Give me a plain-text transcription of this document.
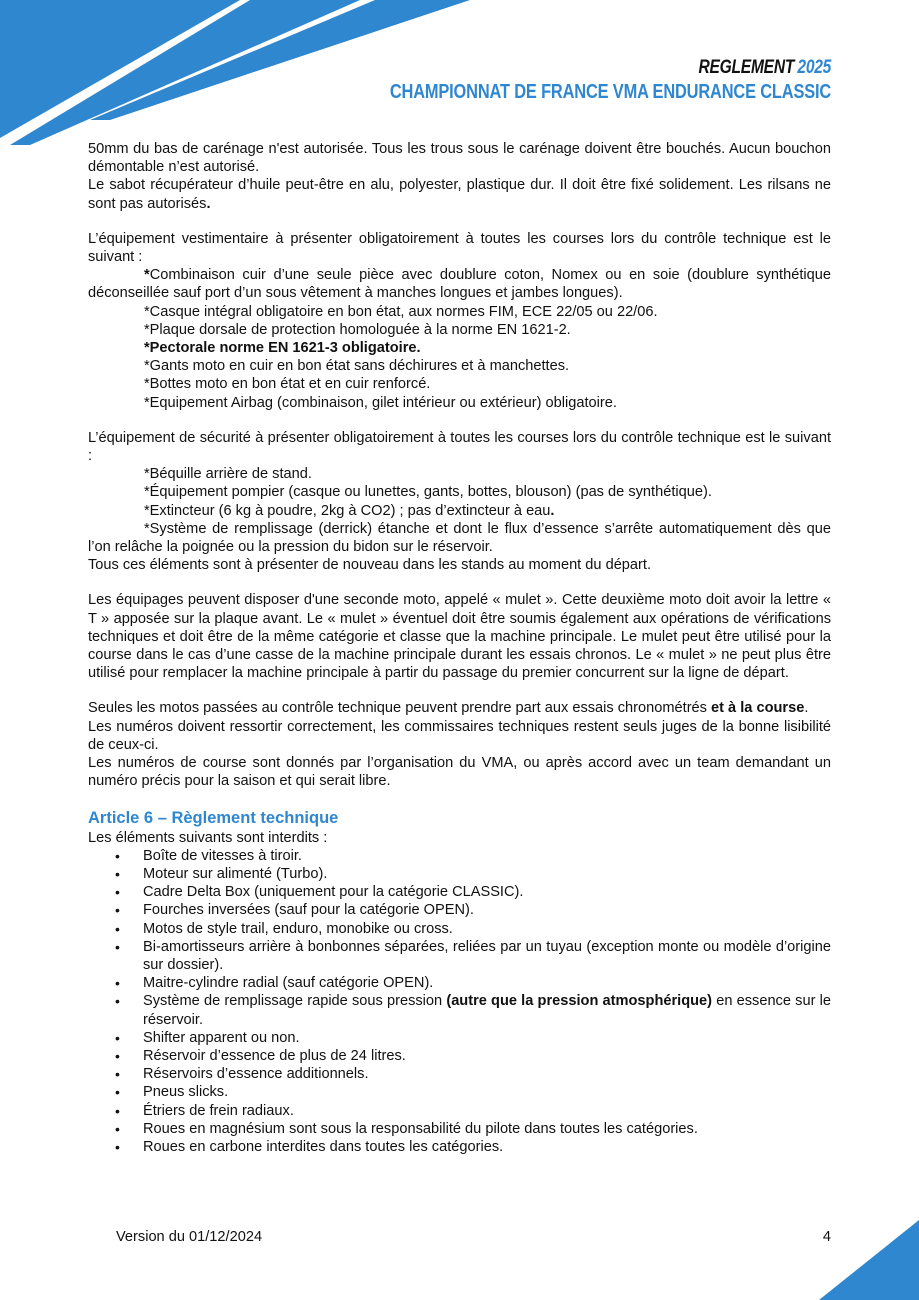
REGLEMENT 2025
CHAMPIONNAT DE FRANCE VMA ENDURANCE CLASSIC

50mm du bas de carénage n'est autorisée. Tous les trous sous le carénage doivent être bouchés. Aucun bouchon démontable n’est autorisé.

Le sabot récupérateur d’huile peut-être en alu, polyester, plastique dur. Il doit être fixé solidement. Les rilsans ne sont pas autorisés.

L’équipement vestimentaire à présenter obligatoirement à toutes les courses lors du contrôle technique est le suivant :

*Combinaison cuir d’une seule pièce avec doublure coton, Nomex ou en soie (doublure synthétique déconseillée sauf port d’un sous vêtement à manches longues et jambes longues).

*Casque intégral obligatoire en bon état, aux normes FIM, ECE 22/05 ou 22/06.

*Plaque dorsale de protection homologuée à la norme EN 1621-2.

*Pectorale norme EN 1621-3 obligatoire.

*Gants moto en cuir en bon état sans déchirures et à manchettes.

*Bottes moto en bon état et en cuir renforcé.

*Equipement Airbag (combinaison, gilet intérieur ou extérieur) obligatoire.

L’équipement de sécurité à présenter obligatoirement à toutes les courses lors du contrôle technique est le suivant :

*Béquille arrière de stand.

*Équipement pompier (casque ou lunettes, gants, bottes, blouson) (pas de synthétique).

*Extincteur (6 kg à poudre, 2kg à CO2) ; pas d’extincteur à eau.

*Système de remplissage (derrick) étanche et dont le flux d’essence s’arrête automatiquement dès que l’on relâche la poignée ou la pression du bidon sur le réservoir.

Tous ces éléments sont à présenter de nouveau dans les stands au moment du départ.

Les équipages peuvent disposer d'une seconde moto, appelé « mulet ». Cette deuxième moto doit avoir la lettre « T » apposée sur la plaque avant. Le « mulet » éventuel doit être soumis également aux opérations de vérifications techniques et doit être de la même catégorie et classe que la machine principale. Le mulet peut être utilisé pour la course dans le cas d’une casse de la machine principale durant les essais chronos. Le « mulet » ne peut plus être utilisé pour remplacer la machine principale à partir du passage du premier concurrent sur la ligne de départ.

Seules les motos passées au contrôle technique peuvent prendre part aux essais chronométrés et à la course.

Les numéros doivent ressortir correctement, les commissaires techniques restent seuls juges de la bonne lisibilité de ceux-ci.

Les numéros de course sont donnés par l’organisation du VMA, ou après accord avec un team demandant un numéro précis pour la saison et qui serait libre.

Article 6 – Règlement technique

Les éléments suivants sont interdits :

• Boîte de vitesses à tiroir.
• Moteur sur alimenté (Turbo).
• Cadre Delta Box (uniquement pour la catégorie CLASSIC).
• Fourches inversées (sauf pour la catégorie OPEN).
• Motos de style trail, enduro, monobike ou cross.
• Bi-amortisseurs arrière à bonbonnes séparées, reliées par un tuyau (exception monte ou modèle d’origine sur dossier).
• Maitre-cylindre radial (sauf catégorie OPEN).
• Système de remplissage rapide sous pression (autre que la pression atmosphérique) en essence sur le réservoir.
• Shifter apparent ou non.
• Réservoir d’essence de plus de 24 litres.
• Réservoirs d’essence additionnels.
• Pneus slicks.
• Étriers de frein radiaux.
• Roues en magnésium sont sous la responsabilité du pilote dans toutes les catégories.
• Roues en carbone interdites dans toutes les catégories.
Version du 01/12/2024	4
